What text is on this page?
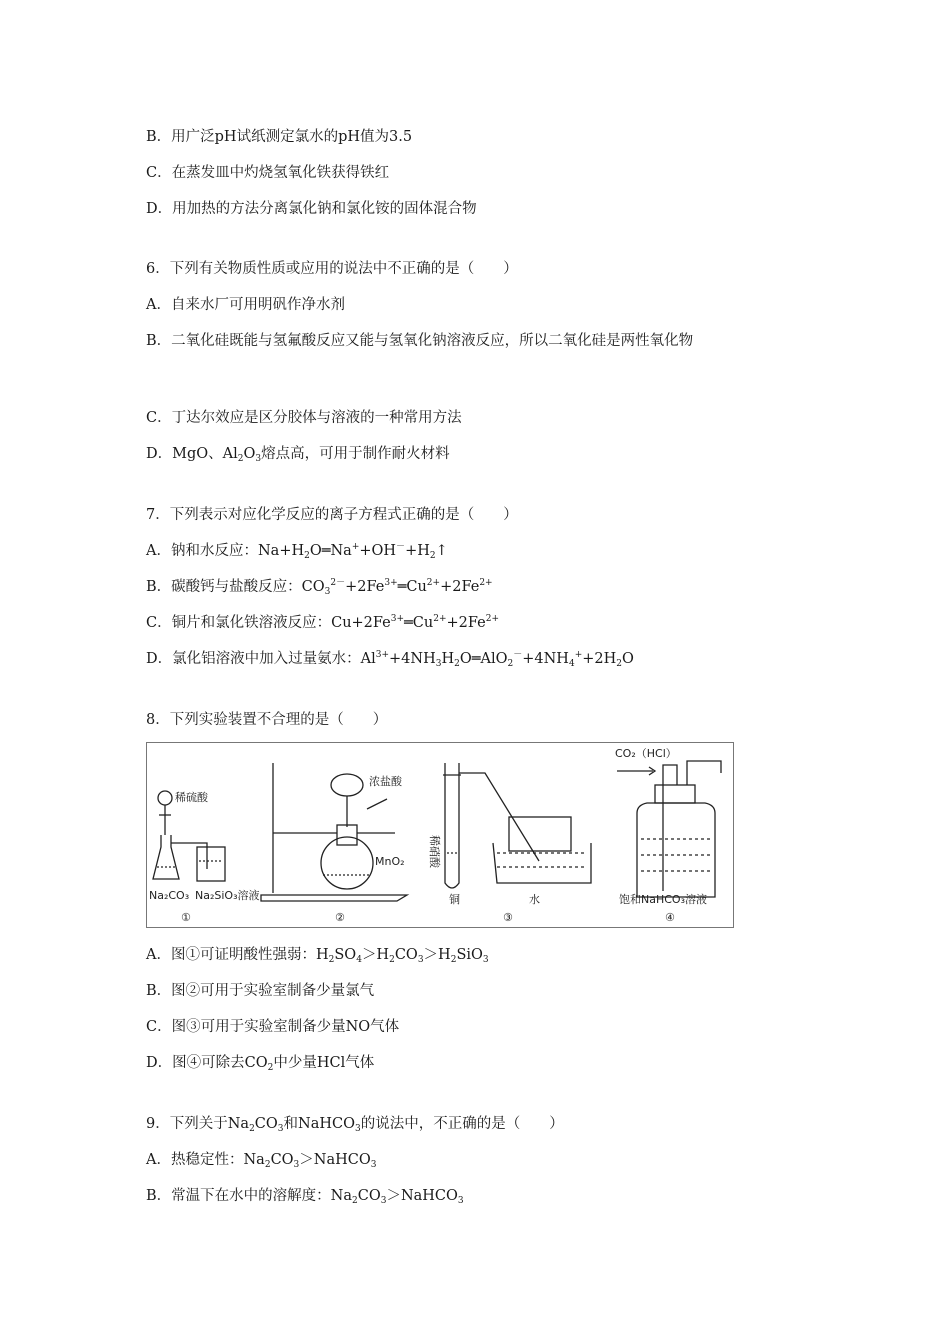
B．用广泛pH试纸测定氯水的pH值为3.5
C．在蒸发皿中灼烧氢氧化铁获得铁红
D．用加热的方法分离氯化钠和氯化铵的固体混合物
6．下列有关物质性质或应用的说法中不正确的是（　　）
A．自来水厂可用明矾作净水剂
B．二氧化硅既能与氢氟酸反应又能与氢氧化钠溶液反应，所以二氧化硅是两性氧化物
C．丁达尔效应是区分胶体与溶液的一种常用方法
D．MgO、$Al_2O_3$熔点高，可用于制作耐火材料
7．下列表示对应化学反应的离子方程式正确的是（　　）
A．钠和水反应：$Na+H_2O═Na^++OH^-+H_2↑$
B．碳酸钙与盐酸反应：$CO_3^{2-}+2Fe^{3+}═Cu^{2+}+2Fe^{2+}$
C．铜片和氯化铁溶液反应：$Cu+2Fe^{3+}═Cu^{2+}+2Fe^{2+}$
D．氯化铝溶液中加入过量氨水：$Al^{3+}+4NH_3H_2O═AlO_2^-+4NH_4^++2H_2O$
8．下列实验装置不合理的是（　　）
稀硫酸
Na₂CO₃ Na₂SiO₃溶液
①
浓盐酸
MnO₂
②
稀硝酸
铜	水
③
CO₂（HCl）
饱和NaHCO₃溶液
④
A．图①可证明酸性强弱：$H_2SO_4>H_2CO_3>H_2SiO_3$
B．图②可用于实验室制备少量氯气
C．图③可用于实验室制备少量NO气体
D．图④可除去$CO_2$中少量HCl气体
9．下列关于$Na_2CO_3$和NaHCO$_3$的说法中，不正确的是（　　）
A．热稳定性：$Na_2CO_3>NaHCO_3$
B．常温下在水中的溶解度：$Na_2CO_3>NaHCO_3$
